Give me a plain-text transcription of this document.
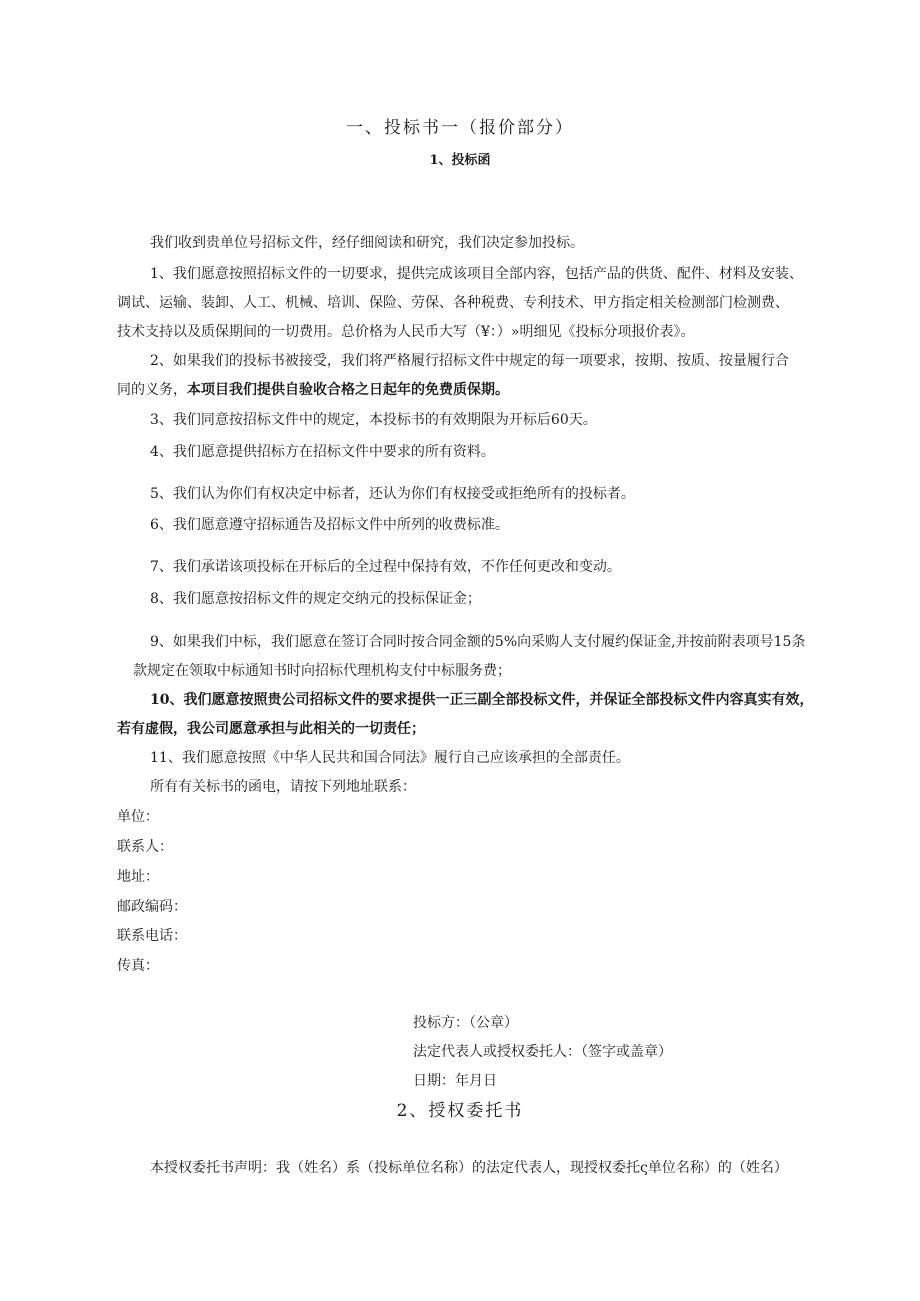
一、投标书一（报价部分）
1、投标函
我们收到贵单位号招标文件，经仔细阅读和研究，我们决定参加投标。
1、我们愿意按照招标文件的一切要求，提供完成该项目全部内容，包括产品的供货、配件、材料及安装、
调试、运输、装卸、人工、机械、培训、保险、劳保、各种税费、专利技术、甲方指定相关检测部门检测费、
技术支持以及质保期间的一切费用。总价格为人民币大写（¥：）»明细见《投标分项报价表》。
2、如果我们的投标书被接受，我们将严格履行招标文件中规定的每一项要求，按期、按质、按量履行合
同的义务，本项目我们提供自验收合格之日起年的免费质保期。
3、我们同意按招标文件中的规定，本投标书的有效期限为开标后60天。
4、我们愿意提供招标方在招标文件中要求的所有资料。
5、我们认为你们有权决定中标者，还认为你们有权接受或拒绝所有的投标者。
6、我们愿意遵守招标通告及招标文件中所列的收费标准。
7、我们承诺该项投标在开标后的全过程中保持有效，不作任何更改和变动。
8、我们愿意按招标文件的规定交纳元的投标保证金；
9、如果我们中标，我们愿意在签订合同时按合同金额的5%向采购人支付履约保证金,并按前附表项号15条
款规定在领取中标通知书时向招标代理机构支付中标服务费；
10、我们愿意按照贵公司招标文件的要求提供一正三副全部投标文件，并保证全部投标文件内容真实有效，
若有虚假，我公司愿意承担与此相关的一切责任；
11、我们愿意按照《中华人民共和国合同法》履行自己应该承担的全部责任。
所有有关标书的函电，请按下列地址联系：
单位：
联系人：
地址：
邮政编码：
联系电话：
传真：
投标方：（公章）
法定代表人或授权委托人：（签字或盖章）
日期：年月日
2、授权委托书
本授权委托书声明：我（姓名）系（投标单位名称）的法定代表人，现授权委托ς单位名称）的（姓名）
